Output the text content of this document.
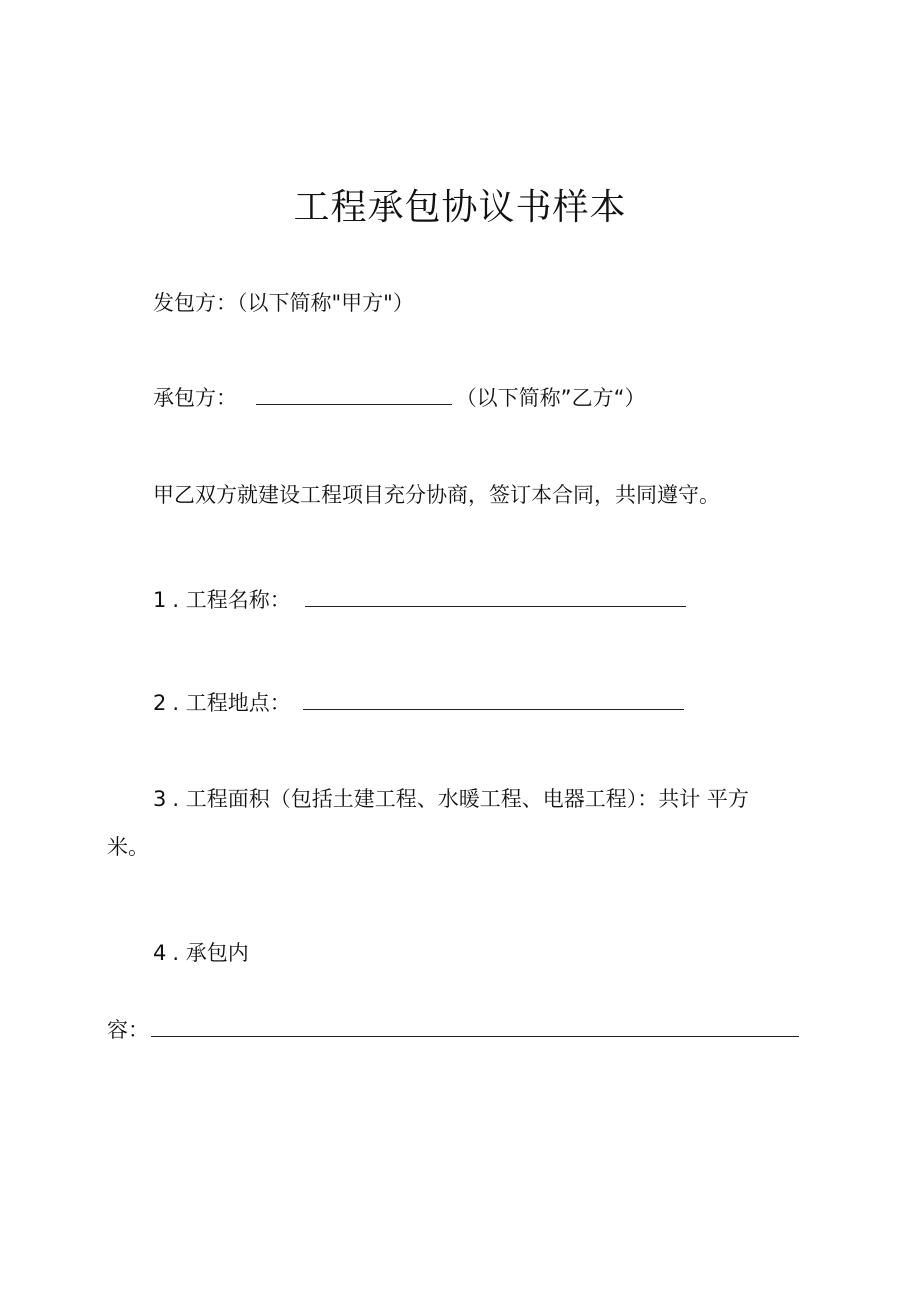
工程承包协议书样本
发包方：（以下简称"甲方"）
承包方：	（以下简称”乙方“）
甲乙双方就建设工程项目充分协商，签订本合同，共同遵守。
1 . 工程名称：
2 . 工程地点：
3 . 工程面积（包括土建工程、水暖工程、电器工程）：共计 平方
米。
4 . 承包内
容：
